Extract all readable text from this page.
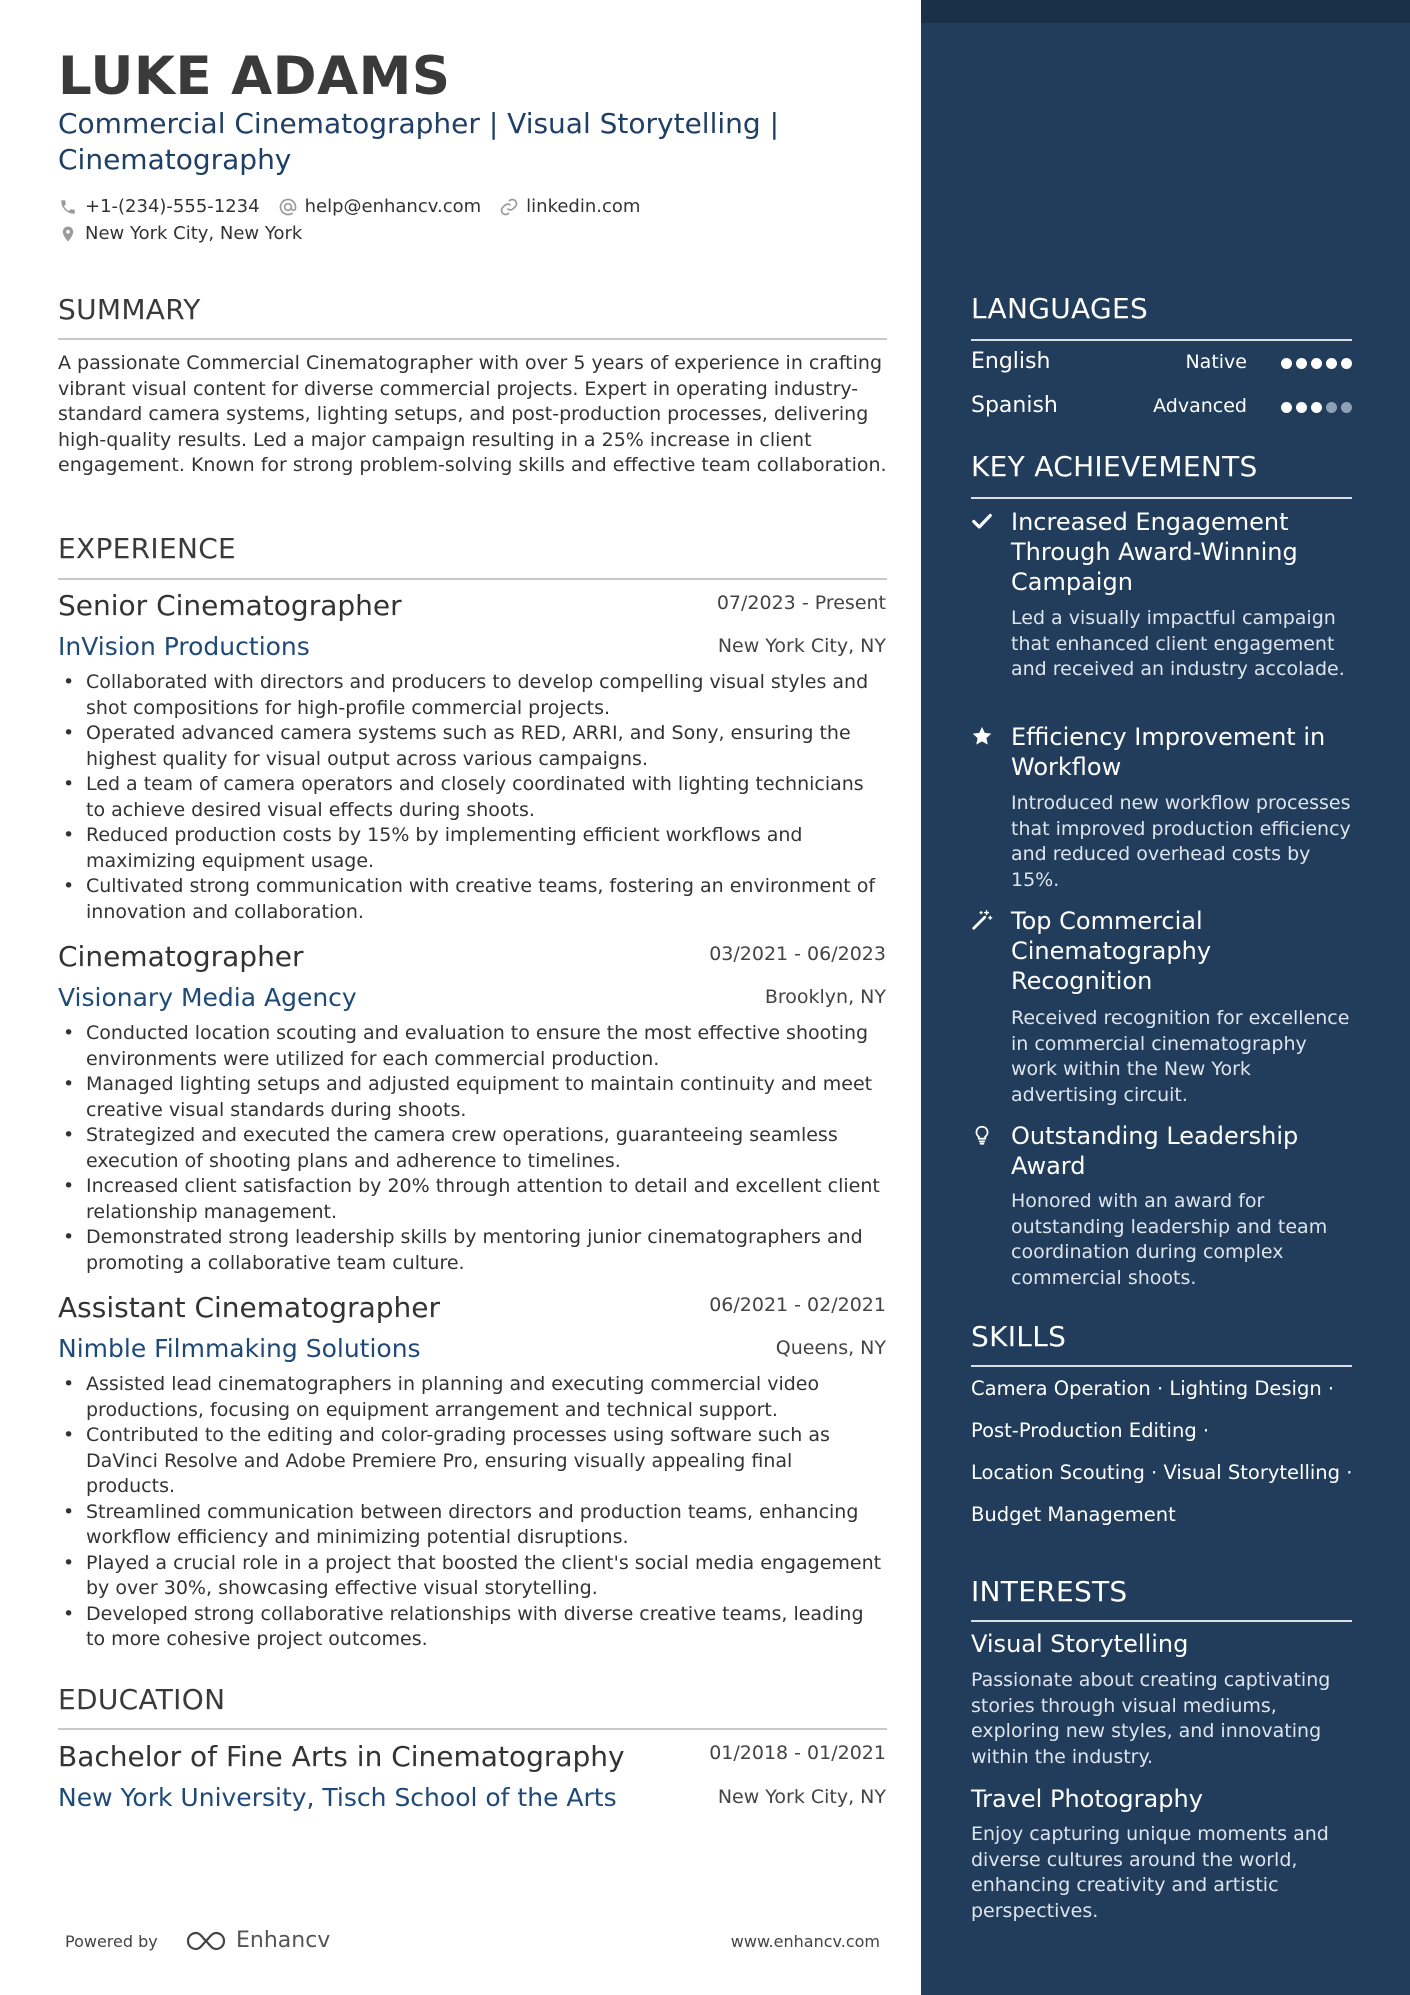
LUKE ADAMS
Commercial Cinematographer | Visual Storytelling |
Cinematography
+1-(234)-555-1234	help@enhancv.com	linkedin.com
New York City, New York
SUMMARY
A passionate Commercial Cinematographer with over 5 years of experience in crafting vibrant visual content for diverse commercial projects. Expert in operating industry-standard camera systems, lighting setups, and post-production processes, delivering high-quality results. Led a major campaign resulting in a 25% increase in client engagement. Known for strong problem-solving skills and effective team collaboration.
EXPERIENCE
Senior Cinematographer	07/2023 - Present
InVision Productions	New York City, NY
• Collaborated with directors and producers to develop compelling visual styles and shot compositions for high-profile commercial projects.
• Operated advanced camera systems such as RED, ARRI, and Sony, ensuring the highest quality for visual output across various campaigns.
• Led a team of camera operators and closely coordinated with lighting technicians to achieve desired visual effects during shoots.
• Reduced production costs by 15% by implementing efficient workflows and maximizing equipment usage.
• Cultivated strong communication with creative teams, fostering an environment of innovation and collaboration.
Cinematographer	03/2021 - 06/2023
Visionary Media Agency	Brooklyn, NY
• Conducted location scouting and evaluation to ensure the most effective shooting environments were utilized for each commercial production.
• Managed lighting setups and adjusted equipment to maintain continuity and meet creative visual standards during shoots.
• Strategized and executed the camera crew operations, guaranteeing seamless execution of shooting plans and adherence to timelines.
• Increased client satisfaction by 20% through attention to detail and excellent client relationship management.
• Demonstrated strong leadership skills by mentoring junior cinematographers and promoting a collaborative team culture.
Assistant Cinematographer	06/2021 - 02/2021
Nimble Filmmaking Solutions	Queens, NY
• Assisted lead cinematographers in planning and executing commercial video productions, focusing on equipment arrangement and technical support.
• Contributed to the editing and color-grading processes using software such as DaVinci Resolve and Adobe Premiere Pro, ensuring visually appealing final products.
• Streamlined communication between directors and production teams, enhancing workflow efficiency and minimizing potential disruptions.
• Played a crucial role in a project that boosted the client's social media engagement by over 30%, showcasing effective visual storytelling.
• Developed strong collaborative relationships with diverse creative teams, leading to more cohesive project outcomes.
EDUCATION
Bachelor of Fine Arts in Cinematography	01/2018 - 01/2021
New York University, Tisch School of the Arts	New York City, NY
Powered by	Enhancv	www.enhancv.com
LANGUAGES
English	Native
Spanish	Advanced
KEY ACHIEVEMENTS
Increased Engagement Through Award-Winning Campaign
Led a visually impactful campaign that enhanced client engagement and received an industry accolade.
Efficiency Improvement in Workflow
Introduced new workflow processes that improved production efficiency and reduced overhead costs by 15%.
Top Commercial Cinematography Recognition
Received recognition for excellence in commercial cinematography work within the New York advertising circuit.
Outstanding Leadership Award
Honored with an award for outstanding leadership and team coordination during complex commercial shoots.
SKILLS
Camera Operation · Lighting Design ·
Post-Production Editing ·
Location Scouting · Visual Storytelling ·
Budget Management
INTERESTS
Visual Storytelling
Passionate about creating captivating stories through visual mediums, exploring new styles, and innovating within the industry.
Travel Photography
Enjoy capturing unique moments and diverse cultures around the world, enhancing creativity and artistic perspectives.
